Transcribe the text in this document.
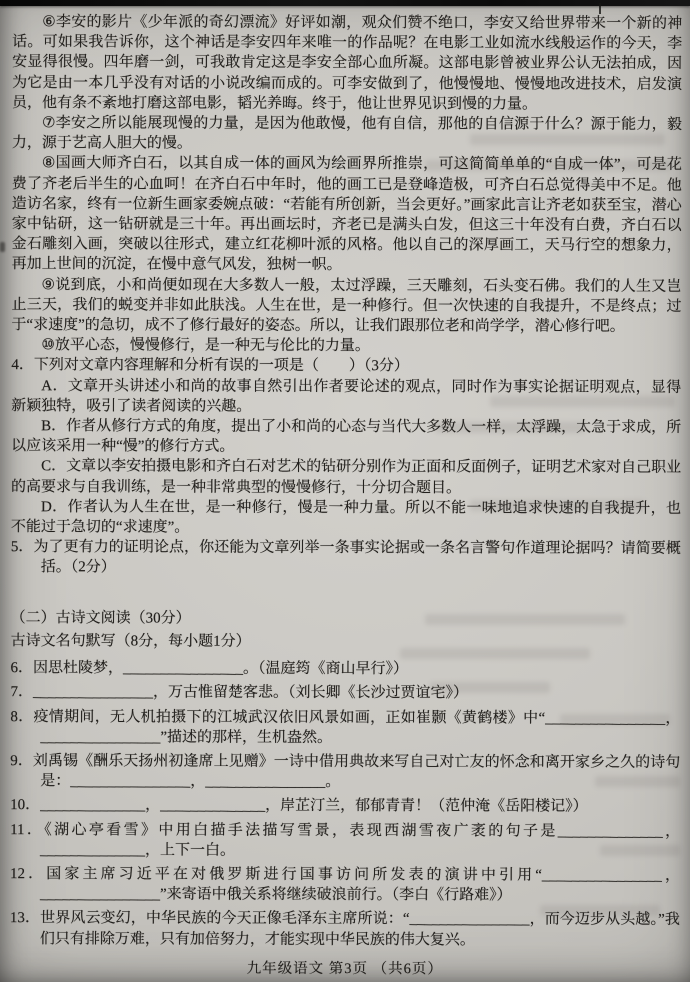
⑥李安的影片《少年派的奇幻漂流》好评如潮，观众们赞不绝口，李安又给世界带来一个新的神话。可如果我告诉你，这个神话是李安四年来唯一的作品呢？在电影工业如流水线般运作的今天，李安显得很慢。四年磨一剑，可我敢肯定这是李安全部心血所凝。这部电影曾被业界公认无法拍成，因为它是由一本几乎没有对话的小说改编而成的。可李安做到了，他慢慢地、慢慢地改进技术，启发演员，他有条不紊地打磨这部电影，韬光养晦。终于，他让世界见识到慢的力量。

⑦李安之所以能展现慢的力量，是因为他敢慢，他有自信，那他的自信源于什么？源于能力，毅力，源于艺高人胆大的慢。

⑧国画大师齐白石，以其自成一体的画风为绘画界所推崇，可这简简单单的“自成一体”，可是花费了齐老后半生的心血呵！在齐白石中年时，他的画工已是登峰造极，可齐白石总觉得美中不足。他造访名家，终有一位新生画家委婉点破：“若能有所创新，当会更好。”画家此言让齐老如获至宝，潜心家中钻研，这一钻研就是三十年。再出画坛时，齐老已是满头白发，但这三十年没有白费，齐白石以金石雕刻入画，突破以往形式，建立红花柳叶派的风格。他以自己的深厚画工，天马行空的想象力，再加上世间的沉淀，在慢中意气风发，独树一帜。

⑨说到底，小和尚便如现在大多数人一般，太过浮躁，三天雕刻，石头变石佛。我们的人生又岂止三天，我们的蜕变并非如此肤浅。人生在世，是一种修行。但一次快速的自我提升，不是终点；过于“求速度”的急切，成不了修行最好的姿态。所以，让我们跟那位老和尚学学，潜心修行吧。

⑩放平心态，慢慢修行，是一种无与伦比的力量。

4．下列对文章内容理解和分析有误的一项是（　　）（3分）

A．文章开头讲述小和尚的故事自然引出作者要论述的观点，同时作为事实论据证明观点，显得新颖独特，吸引了读者阅读的兴趣。

B．作者从修行方式的角度，提出了小和尚的心态与当代大多数人一样，太浮躁，太急于求成，所以应该采用一种“慢”的修行方式。

C．文章以李安拍摄电影和齐白石对艺术的钻研分别作为正面和反面例子，证明艺术家对自己职业的高要求与自我训练，是一种非常典型的慢慢修行，十分切合题目。

D．作者认为人生在世，是一种修行，慢是一种力量。所以不能一味地追求快速的自我提升，也不能过于急切的“求速度”。

5．为了更有力的证明论点，你还能为文章列举一条事实论据或一条名言警句作道理论据吗？请简要概括。（2分）

（二）古诗文阅读（30分）

古诗文名句默写（8分，每小题1分）

6．因思杜陵梦，________________。（温庭筠《商山早行》）

7．________________，万古惟留楚客悲。（刘长卿《长沙过贾谊宅》）

8．疫情期间，无人机拍摄下的江城武汉依旧风景如画，正如崔颢《黄鹤楼》中“________________，________________”描述的那样，生机盎然。

9．刘禹锡《酬乐天扬州初逢席上见赠》一诗中借用典故来写自己对亡友的怀念和离开家乡之久的诗句是：________________，________________。

10．______________，______________，岸芷汀兰，郁郁青青！（范仲淹《岳阳楼记》）

11．《湖心亭看雪》中用白描手法描写雪景，表现西湖雪夜广袤的句子是______________，______________，上下一白。

12．国家主席习近平在对俄罗斯进行国事访问所发表的演讲中引用“________________，________________”来寄语中俄关系将继续破浪前行。（李白《行路难》）

13．世界风云变幻，中华民族的今天正像毛泽东主席所说：“________________，而今迈步从头越。”我们只有排除万难，只有加倍努力，才能实现中华民族的伟大复兴。

九年级语文 第3页 （共6页）
